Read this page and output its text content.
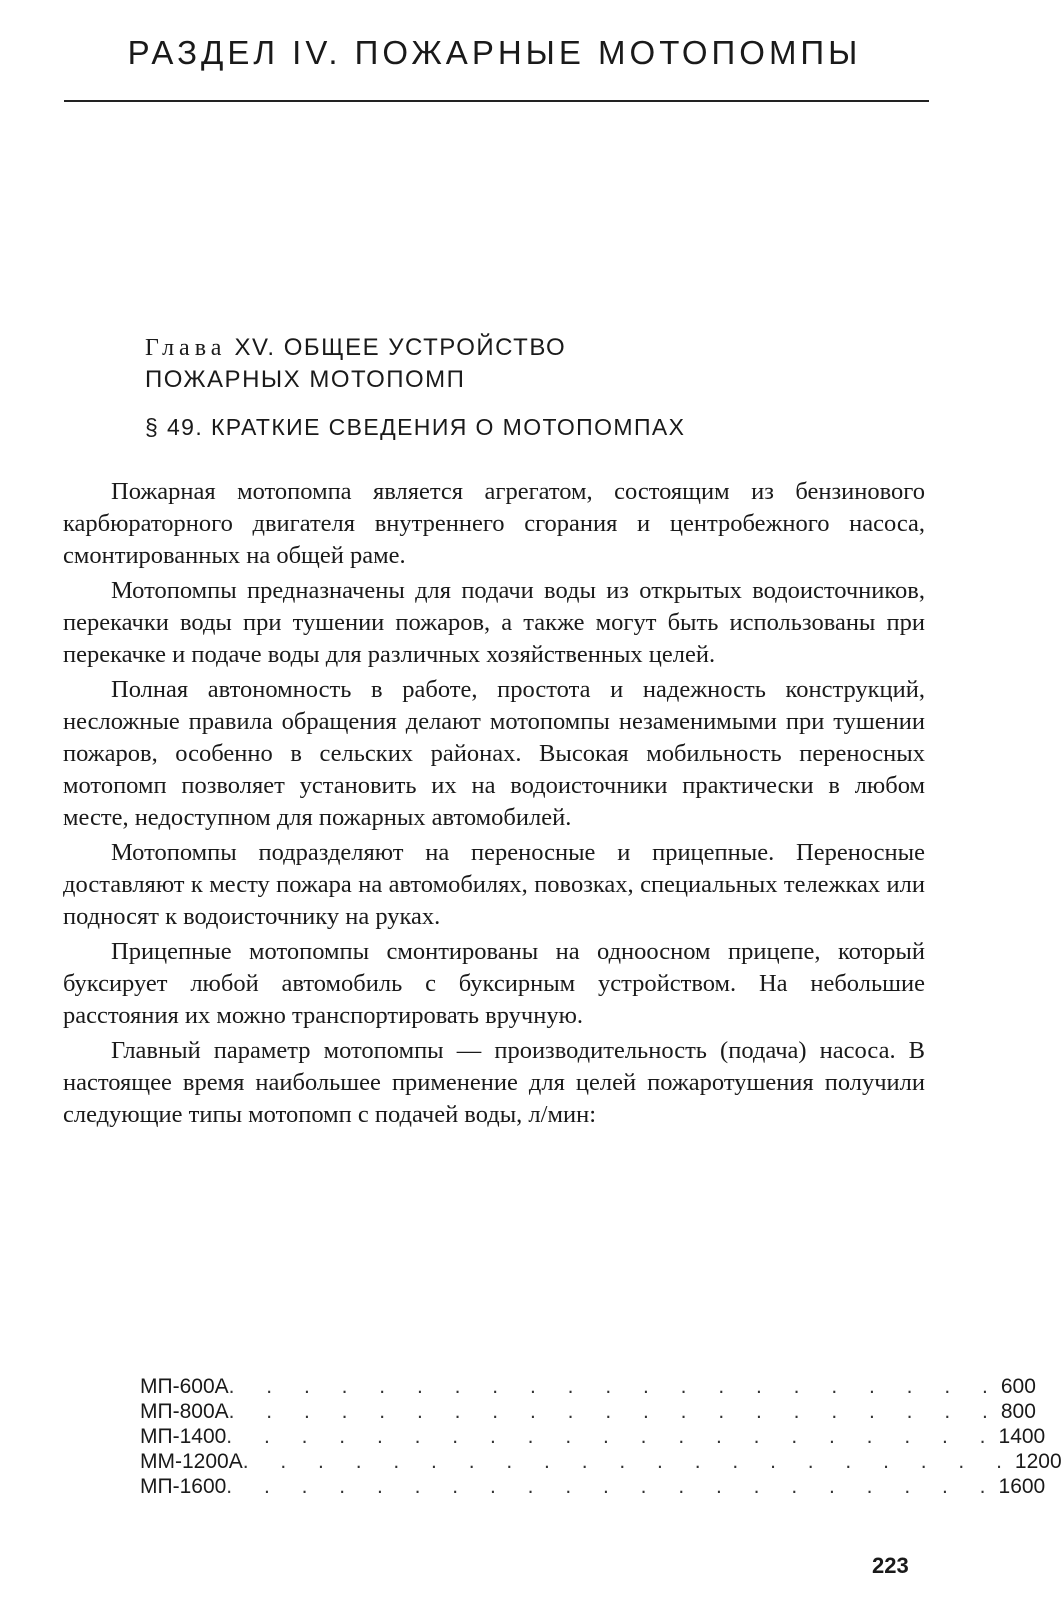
РАЗДЕЛ IV. ПОЖАРНЫЕ МОТОПОМПЫ
Глава XV. ОБЩЕЕ УСТРОЙСТВО
ПОЖАРНЫХ МОТОПОМП
§ 49. КРАТКИЕ СВЕДЕНИЯ О МОТОПОМПАХ

Пожарная мотопомпа является агрегатом, состоящим из бензинового карбюраторного двигателя внутреннего сгорания и центробежного насоса, смонтированных на общей раме.

Мотопомпы предназначены для подачи воды из открытых водоисточников, перекачки воды при тушении пожаров, а также могут быть использованы при перекачке и подаче воды для различных хозяйственных целей.

Полная автономность в работе, простота и надежность конструкций, несложные правила обращения делают мотопомпы незаменимыми при тушении пожаров, особенно в сельских районах. Высокая мобильность переносных мотопомп позволяет установить их на водоисточники практически в любом месте, недоступном для пожарных автомобилей.

Мотопомпы подразделяют на переносные и прицепные. Переносные доставляют к месту пожара на автомобилях, повозках, специальных тележках или подносят к водоисточнику на руках.

Прицепные мотопомпы смонтированы на одноосном прицепе, который буксирует любой автомобиль с буксирным устройством. На небольшие расстояния их можно транспортировать вручную.

Главный параметр мотопомпы — производительность (подача) насоса. В настоящее время наибольшее применение для целей пожаротушения получили следующие типы мотопомп с подачей воды, л/мин:

МП-600А . . . . . . . . . . . . . . . . . . . . . 600
МП-800А . . . . . . . . . . . . . . . . . . . . . 800
МП-1400 . . . . . . . . . . . . . . . . . . . . . 1400
ММ-1200А . . . . . . . . . . . . . . . . . . . . . 1200
МП-1600 . . . . . . . . . . . . . . . . . . . . . 1600
223
